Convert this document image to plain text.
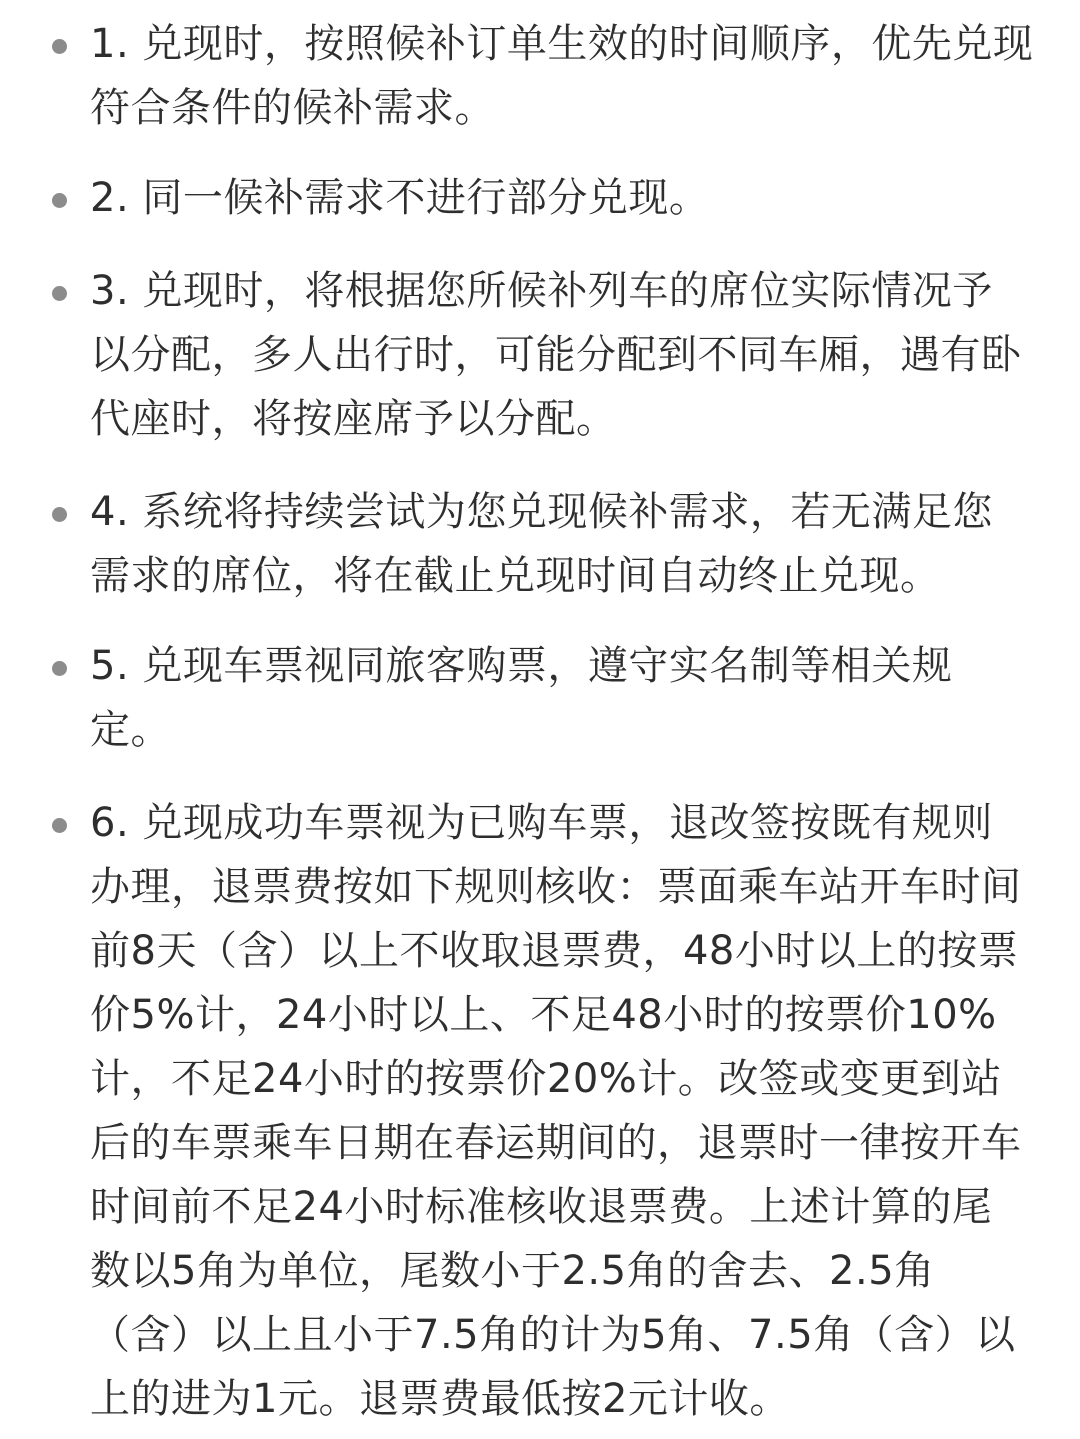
1. 兑现时，按照候补订单生效的时间顺序，优先兑现
符合条件的候补需求。
2. 同一候补需求不进行部分兑现。
3. 兑现时，将根据您所候补列车的席位实际情况予
以分配，多人出行时，可能分配到不同车厢，遇有卧
代座时，将按座席予以分配。
4. 系统将持续尝试为您兑现候补需求，若无满足您
需求的席位，将在截止兑现时间自动终止兑现。
5. 兑现车票视同旅客购票，遵守实名制等相关规
定。
6. 兑现成功车票视为已购车票，退改签按既有规则
办理，退票费按如下规则核收：票面乘车站开车时间
前8天（含）以上不收取退票费，48小时以上的按票
价5%计，24小时以上、不足48小时的按票价10%
计，不足24小时的按票价20%计。改签或变更到站
后的车票乘车日期在春运期间的，退票时一律按开车
时间前不足24小时标准核收退票费。上述计算的尾
数以5角为单位，尾数小于2.5角的舍去、2.5角
（含）以上且小于7.5角的计为5角、7.5角（含）以
上的进为1元。退票费最低按2元计收。
